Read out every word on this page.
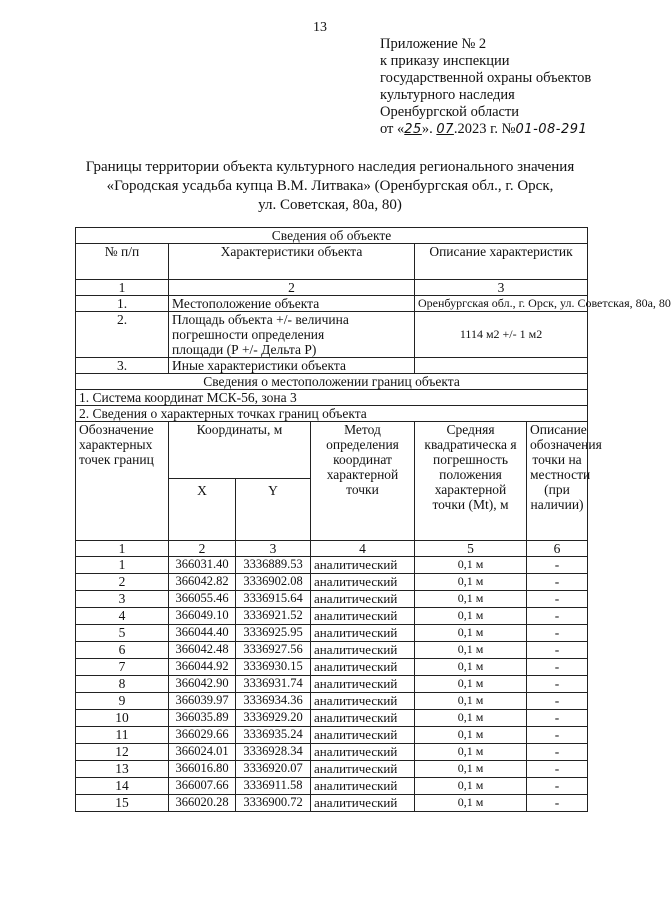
13
Приложение № 2
к приказу инспекции
государственной охраны объектов
культурного наследия
Оренбургской области
от «25». 07.2023 г. №01-08-291
Границы территории объекта культурного наследия регионального значения
«Городская усадьба купца В.М. Литвака» (Оренбургская обл., г. Орск,
ул. Советская, 80а, 80)
Сведения об объекте					
№ п/п	Характеристики объекта			Описание характеристик	
1	2			3	
1.	Местоположение объекта			Оренбургская обл., г. Орск, ул. Советская, 80а, 80	
2.	Площадь объекта +/- величина погрешности определения площади (Р +/- Дельта Р)			1114 м2 +/- 1 м2	
3.	Иные характеристики объекта				
Сведения о местоположении границ объекта					
1. Система координат МСК-56, зона 3					
2. Сведения о характерных точках границ объекта					
Обозначение характерных точек границ	Координаты, м		Метод определения координат характерной точки	Средняя квадратическа я погрешность положения характерной точки (Mt), м	Описание обозначения точки на местности (при наличии)
	X	Y			
1	2	3	4	5	6
1	366031.40	3336889.53	аналитический	0,1 м	-
2	366042.82	3336902.08	аналитический	0,1 м	-
3	366055.46	3336915.64	аналитический	0,1 м	-
4	366049.10	3336921.52	аналитический	0,1 м	-
5	366044.40	3336925.95	аналитический	0,1 м	-
6	366042.48	3336927.56	аналитический	0,1 м	-
7	366044.92	3336930.15	аналитический	0,1 м	-
8	366042.90	3336931.74	аналитический	0,1 м	-
9	366039.97	3336934.36	аналитический	0,1 м	-
10	366035.89	3336929.20	аналитический	0,1 м	-
11	366029.66	3336935.24	аналитический	0,1 м	-
12	366024.01	3336928.34	аналитический	0,1 м	-
13	366016.80	3336920.07	аналитический	0,1 м	-
14	366007.66	3336911.58	аналитический	0,1 м	-
15	366020.28	3336900.72	аналитический	0,1 м	-
